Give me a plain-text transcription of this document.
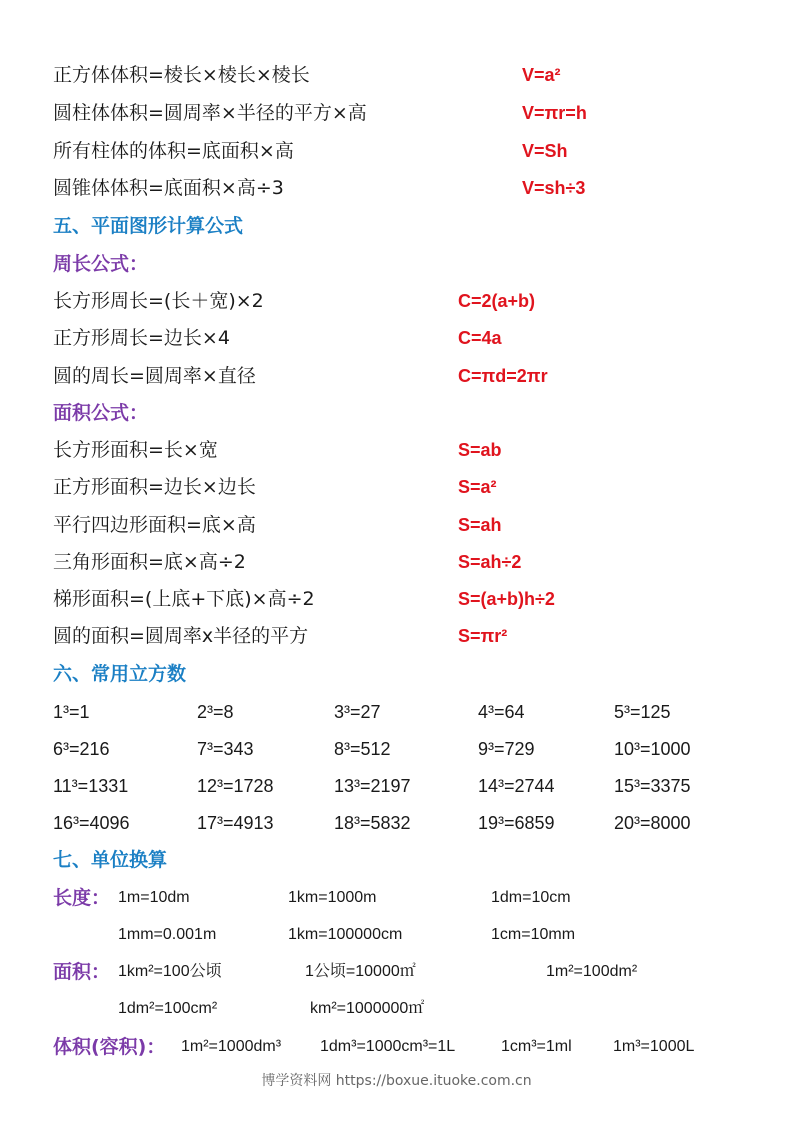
正方体体积=棱长×棱长×棱长	V=a²
圆柱体体积=圆周率×半径的平方×高	V=πr=h
所有柱体的体积=底面积×高	V=Sh
圆锥体体积=底面积×高÷3	V=sh÷3
五、平面图形计算公式
周长公式：
长方形周长=(长＋宽)×2	C=2(a+b)
正方形周长=边长×4	C=4a
圆的周长=圆周率×直径	C=πd=2πr
面积公式：
长方形面积=长×宽	S=ab
正方形面积=边长×边长	S=a²
平行四边形面积=底×高	S=ah
三角形面积=底×高÷2	S=ah÷2
梯形面积=(上底+下底)×高÷2	S=(a+b)h÷2
圆的面积=圆周率x半径的平方	S=πr²
六、常用立方数
1³=1	2³=8	3³=27	4³=64	5³=125
6³=216	7³=343	8³=512	9³=729	10³=1000
11³=1331	12³=1728	13³=2197	14³=2744	15³=3375
16³=4096	17³=4913	18³=5832	19³=6859	20³=8000
七、单位换算
长度： 1m=10dm	1km=1000m	1dm=10cm
1mm=0.001m	1km=100000cm	1cm=10mm
面积： 1km²=100公顷	1公顷=10000㎡	1m²=100dm²
1dm²=100cm²	km²=1000000㎡
体积(容积)： 1m²=1000dm³ 1dm³=1000cm³=1L	1cm³=1ml	1m³=1000L
博学资料网 https://boxue.ituoke.com.cn
